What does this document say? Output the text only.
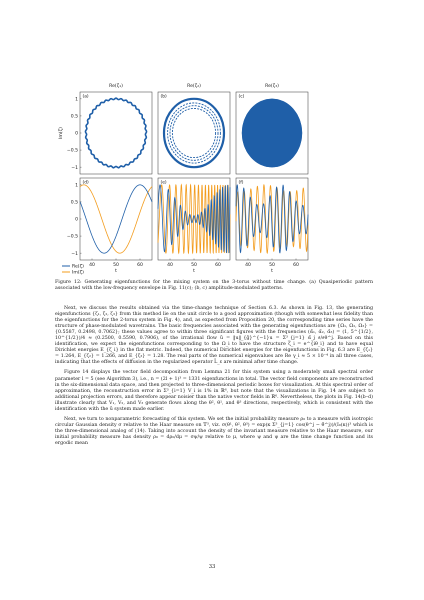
Re(ζ₁)	Re(ζ₂)	Re(ζ₃)
Im(ζ)
(a)
1
0.5
0
−0.5
−1
(b)	(c)
(d)
40	50	60
t
1
0.5
0
−0.5
−1
(e)
40	50	60
t
(f)
40	50	60
t
Re(ζ)
Im(ζ)
Figure 12: Generating eigenfunctions for the mixing system on the 3-torus without time change. (a) Quasiperiodic pattern associated with the low-frequency envelope in Fig. 11(c); (b, c) amplitude-modulated patterns.

Next, we discuss the results obtained via the time-change technique of Section 6.3. As shown in Fig. 13, the generating eigenfunctions {ζ₁, ζ₂, ζ₃} from this method lie on the unit circle to a good approximation (though with somewhat less fidelity than the eigenfunctions for the 2-torus system in Fig. 4), and, as expected from Proposition 20, the corresponding time series have the structure of phase-modulated wavetrains. The basic frequencies associated with the generating eigenfunctions are {Ω₁, Ω₂, Ω₃} = {0.5587, 0.2498, 0.7062}; these values agree to within three significant figures with the frequencies (α̃₁, α̃₂, α̃₃) = (1, 5^{1/2}, 10^{1/2})/4 ≈ (0.2500, 0.5590, 0.7906), of the irrational flow ũ = ‖u‖_{g̃}^{−1}u = Σ³_{j=1} α̃_j ∂/∂θ^j. Based on this identification, we expect the eigenfunctions corresponding to the Ω_i to have the structure ζ_i = e^{iθ_i} and to have equal Dirichlet energies E_{ζ_i} in the flat metric. Indeed, the numerical Dirichlet energies for the eigenfunctions in Fig. 6.3 are E_{ζ₁} = 1.264, E_{ζ₂} = 1.266, and E_{ζ₃} = 1.28. The real parts of the numerical eigenvalues are Re γ_i ≈ 5 × 10⁻⁴ in all three cases, indicating that the effects of diffusion in the regularized operator L̃_ε are minimal after time change.

Figure 14 displays the vector field decomposition from Lemma 21 for this system using a moderately small spectral order parameter l = 5 (see Algorithm 3), i.e., n = (2l + 1)³ = 1331 eigenfunctions in total. The vector field components are reconstructed in the six-dimensional data space, and then projected to three-dimensional periodic boxes for visualization. At this spectral order of approximation, the reconstruction error in Σ³_{i=1} V_i is 1% in ℝ⁶, but note that the visualizations in Fig. 14 are subject to additional projection errors, and therefore appear noisier than the native vector fields in ℝ⁶. Nevertheless, the plots in Fig. 14(b–d) illustrate clearly that V₁, V₂, and V₃ generate flows along the θ², θ¹, and θ³ directions, respectively, which is consistent with the identification with the ũ system made earlier.

Next, we turn to nonparametric forecasting of this system. We set the initial probability measure ρ₀ to a measure with isotropic circular Gaussian density σ relative to the Haar measure on 𝕋³, viz. σ(θ¹, θ², θ³) = exp(κ Σ³_{j=1} cos(θ^j − θ̄^j))/(I₀(κ))³ which is the three-dimensional analog of (14). Taking into account the density of the invariant measure relative to the Haar measure, our initial probability measure has density ρ₀ = dρ₀/dμ = σψ/ψ relative to μ, where ψ and ψ are the time change function and its ergodic mean

33
